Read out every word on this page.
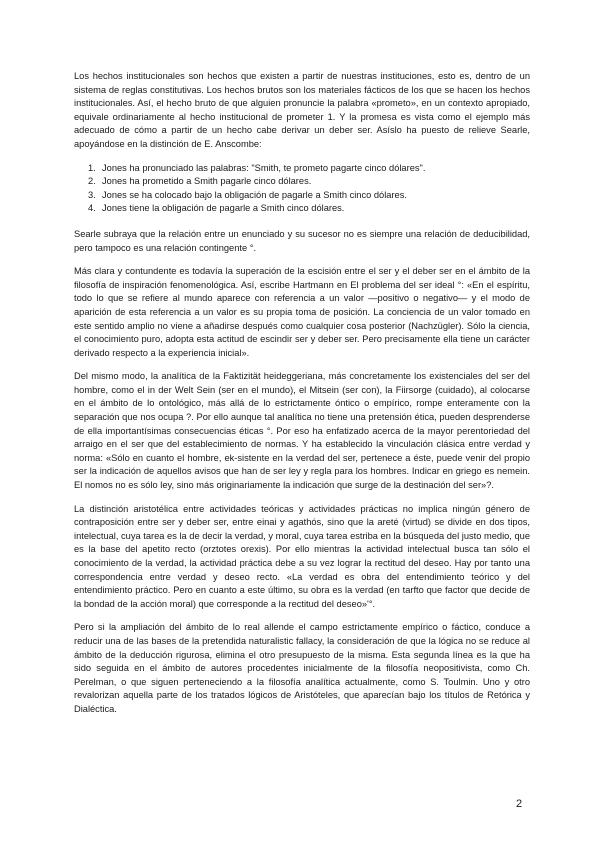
Los hechos institucionales son hechos que existen a partir de nuestras instituciones, esto es, dentro de un sistema de reglas constitutivas. Los hechos brutos son los materiales fácticos de los que se hacen los hechos institucionales. Así, el hecho bruto de que alguien pronuncie la palabra «prometo», en un contexto apropiado, equivale ordinariamente al hecho institucional de prometer 1. Y la promesa es vista como el ejemplo más adecuado de cómo a partir de un hecho cabe derivar un deber ser. Asíslo ha puesto de relieve Searle, apoyándose en la distinción de E. Anscombe:

1. Jones ha pronunciado las palabras: "Smith, te prometo pagarte cinco dólares".
2. Jones ha prometido a Smith pagarle cinco dólares.
3. Jones se ha colocado bajo la obligación de pagarle a Smith cinco dólares.
4. Jones tiene la obligación de pagarle a Smith cinco dólares.

Searle subraya que la relación entre un enunciado y su sucesor no es siempre una relación de deducibilidad, pero tampoco es una relación contingente °.

Más clara y contundente es todavía la superación de la escisión entre el ser y el deber ser en el ámbito de la filosofía de inspiración fenomenológica. Así, escribe Hartmann en El problema del ser ideal °: «En el espíritu, todo lo que se refiere al mundo aparece con referencia a un valor —positivo o negativo— y el modo de aparición de esta referencia a un valor es su propia toma de posición. La conciencia de un valor tomado en este sentido amplio no viene a añadirse después como cualquier cosa posterior (Nachzügler). Sólo la ciencia, el conocimiento puro, adopta esta actitud de escindir ser y deber ser. Pero precisamente ella tiene un carácter derivado respecto a la experiencia inicial».

Del mismo modo, la analítica de la Faktizität heideggeriana, más concretamente los existenciales del ser del hombre, como el in der Welt Sein (ser en el mundo), el Mitsein (ser con), la Fiirsorge (cuidado), al colocarse en el ámbito de lo ontológico, más allá de lo estrictamente óntico o empírico, rompe enteramente con la separación que nos ocupa ?. Por ello aunque tal analítica no tiene una pretensión ética, pueden desprenderse de ella importantísimas consecuencias éticas °. Por eso ha enfatizado acerca de la mayor perentoriedad del arraigo en el ser que del establecimiento de normas. Y ha establecido la vinculación clásica entre verdad y norma: «Sólo en cuanto el hombre, ek-sistente en la verdad del ser, pertenece a éste, puede venir del propio ser la indicación de aquellos avisos que han de ser ley y regla para los hombres. Indicar en griego es nemein. El nomos no es sólo ley, sino más originariamente la indicación que surge de la destinación del ser»?.

La distinción aristotélica entre actividades teóricas y actividades prácticas no implica ningún género de contraposición entre ser y deber ser, entre einai y agathós, sino que la areté (virtud) se divide en dos tipos, intelectual, cuya tarea es la de decir la verdad, y moral, cuya tarea estriba en la búsqueda del justo medio, que es la base del apetito recto (orztotes orexis). Por ello mientras la actividad intelectual busca tan sólo el conocimiento de la verdad, la actividad práctica debe a su vez lograr la rectitud del deseo. Hay por tanto una correspondencia entre verdad y deseo recto. «La verdad es obra del entendimiento teórico y del entendimiento práctico. Pero en cuanto a este último, su obra es la verdad (en tarfto que factor que decide de la bondad de la acción moral) que corresponde a la rectitud del deseo»'°.

Pero si la ampliación del ámbito de lo real allende el campo estrictamente empírico o fáctico, conduce a reducir una de las bases de la pretendida naturalistic fallacy, la consideración de que la lógica no se reduce al ámbito de la deducción rigurosa, elimina el otro presupuesto de la misma. Esta segunda línea es la que ha sido seguida en el ámbito de autores procedentes inicialmente de la filosofía neopositivista, como Ch. Perelman, o que siguen perteneciendo a la filosofía analítica actualmente, como S. Toulmin. Uno y otro revalorizan aquella parte de los tratados lógicos de Aristóteles, que aparecían bajo los títulos de Retórica y Dialéctica.

2
